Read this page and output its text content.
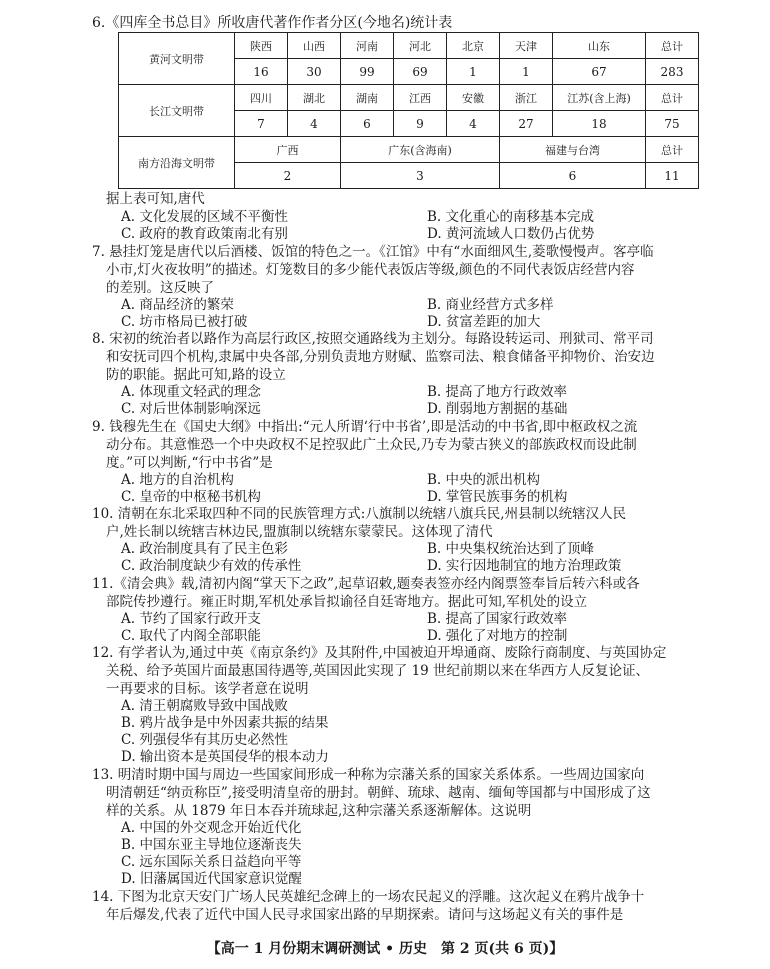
6.《四库全书总目》所收唐代著作作者分区(今地名)统计表
黄河文明带	陕西	山西	河南	河北	北京	天津	山东	总计
	16	30	99	69	1	1	67	283
长江文明带	四川	湖北	湖南	江西	安徽	浙江	江苏(含上海)	总计
	7	4	6	9	4	27	18	75
南方沿海文明带	广西		广东(含海南)			福建与台湾		总计
	2		3			6		11
据上表可知,唐代
A. 文化发展的区域不平衡性	B. 文化重心的南移基本完成
C. 政府的教育政策南北有别	D. 黄河流域人口数仍占优势
7. 悬挂灯笼是唐代以后酒楼、饭馆的特色之一。《江馆》中有“水面细风生,菱歌慢慢声。客亭临
小市,灯火夜妆明”的描述。灯笼数目的多少能代表饭店等级,颜色的不同代表饭店经营内容
的差别。这反映了
A. 商品经济的繁荣	B. 商业经营方式多样
C. 坊市格局已被打破	D. 贫富差距的加大
8. 宋初的统治者以路作为高层行政区,按照交通路线为主划分。每路设转运司、刑狱司、常平司
和安抚司四个机构,隶属中央各部,分别负责地方财赋、监察司法、粮食储备平抑物价、治安边
防的职能。据此可知,路的设立
A. 体现重文轻武的理念	B. 提高了地方行政效率
C. 对后世体制影响深远	D. 削弱地方割据的基础
9. 钱穆先生在《国史大纲》中指出:“元人所谓‘行中书省’,即是活动的中书省,即中枢政权之流
动分布。其意惟恐一个中央政权不足控驭此广土众民,乃专为蒙古狭义的部族政权而设此制
度。”可以判断,“行中书省”是
A. 地方的自治机构	B. 中央的派出机构
C. 皇帝的中枢秘书机构	D. 掌管民族事务的机构
10. 清朝在东北采取四种不同的民族管理方式:八旗制以统辖八旗兵民,州县制以统辖汉人民
户,姓长制以统辖吉林边民,盟旗制以统辖东蒙蒙民。这体现了清代
A. 政治制度具有了民主色彩	B. 中央集权统治达到了顶峰
C. 政治制度缺少有效的传承性	D. 实行因地制宜的地方治理政策
11.《清会典》载,清初内阁“掌天下之政”,起草诏敕,题奏表签亦经内阁票签奉旨后转六科或各
部院传抄遵行。雍正时期,军机处承旨拟谕径自廷寄地方。据此可知,军机处的设立
A. 节约了国家行政开支	B. 提高了国家行政效率
C. 取代了内阁全部职能	D. 强化了对地方的控制
12. 有学者认为,通过中英《南京条约》及其附件,中国被迫开埠通商、废除行商制度、与英国协定
关税、给予英国片面最惠国待遇等,英国因此实现了 19 世纪前期以来在华西方人反复论证、
一再要求的目标。该学者意在说明
A. 清王朝腐败导致中国战败
B. 鸦片战争是中外因素共振的结果
C. 列强侵华有其历史必然性
D. 输出资本是英国侵华的根本动力
13. 明清时期中国与周边一些国家间形成一种称为宗藩关系的国家关系体系。一些周边国家向
明清朝廷“纳贡称臣”,接受明清皇帝的册封。朝鲜、琉球、越南、缅甸等国都与中国形成了这
样的关系。从 1879 年日本吞并琉球起,这种宗藩关系逐渐解体。这说明
A. 中国的外交观念开始近代化
B. 中国东亚主导地位逐渐丧失
C. 远东国际关系日益趋向平等
D. 旧藩属国近代国家意识觉醒
14. 下图为北京天安门广场人民英雄纪念碑上的一场农民起义的浮雕。这次起义在鸦片战争十
年后爆发,代表了近代中国人民寻求国家出路的早期探索。请问与这场起义有关的事件是
【高一 1 月份期末调研测试 • 历史　第 2 页(共 6 页)】
